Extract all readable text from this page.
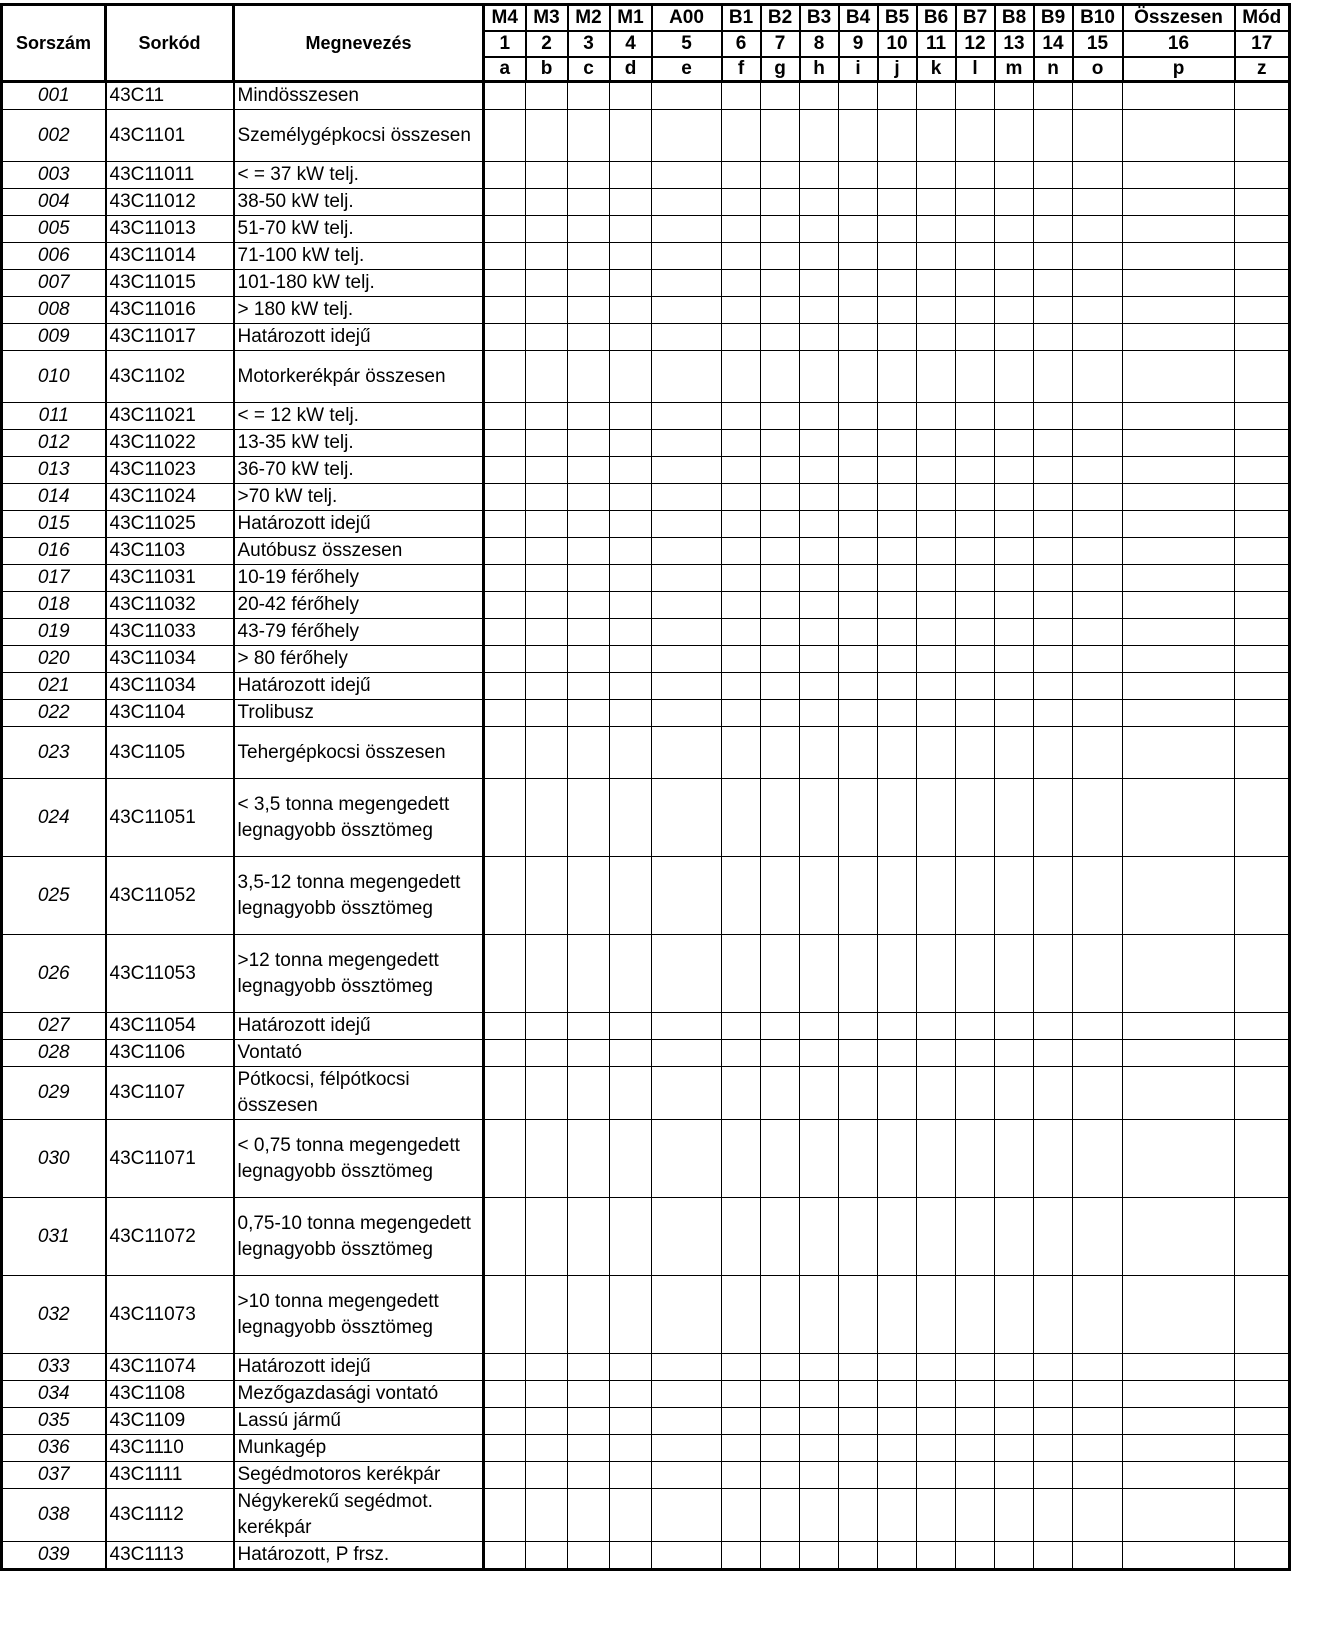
Sorszám	Sorkód	Megnevezés	M4	M3	M2	M1	A00	B1	B2	B3	B4	B5	B6	B7	B8	B9	B10	Összesen	Mód
			1	2	3	4	5	6	7	8	9	10	11	12	13	14	15	16	17
			a	b	c	d	e	f	g	h	i	j	k	l	m	n	o	p	z
001	43C11	Mindösszesen																	
002	43C1101	Személygépkocsi összesen																	
003	43C11011	< = 37 kW telj.																	
004	43C11012	38-50 kW telj.																	
005	43C11013	51-70 kW telj.																	
006	43C11014	71-100 kW telj.																	
007	43C11015	101-180 kW telj.																	
008	43C11016	> 180 kW telj.																	
009	43C11017	Határozott idejű																	
010	43C1102	Motorkerékpár összesen																	
011	43C11021	< = 12 kW telj.																	
012	43C11022	13-35 kW telj.																	
013	43C11023	36-70 kW telj.																	
014	43C11024	>70 kW telj.																	
015	43C11025	Határozott idejű																	
016	43C1103	Autóbusz összesen																	
017	43C11031	10-19 férőhely																	
018	43C11032	20-42 férőhely																	
019	43C11033	43-79 férőhely																	
020	43C11034	> 80 férőhely																	
021	43C11034	Határozott idejű																	
022	43C1104	Trolibusz																	
023	43C1105	Tehergépkocsi összesen																	
024	43C11051	< 3,5 tonna megengedett legnagyobb össztömeg																	
025	43C11052	3,5-12 tonna megengedett legnagyobb össztömeg																	
026	43C11053	>12 tonna megengedett legnagyobb össztömeg																	
027	43C11054	Határozott idejű																	
028	43C1106	Vontató																	
029	43C1107	Pótkocsi, félpótkocsi összesen																	
030	43C11071	< 0,75 tonna megengedett legnagyobb össztömeg																	
031	43C11072	0,75-10 tonna megengedett legnagyobb össztömeg																	
032	43C11073	>10 tonna megengedett legnagyobb össztömeg																	
033	43C11074	Határozott idejű																	
034	43C1108	Mezőgazdasági vontató																	
035	43C1109	Lassú jármű																	
036	43C1110	Munkagép																	
037	43C1111	Segédmotoros kerékpár																	
038	43C1112	Négykerekű segédmot. kerékpár																	
039	43C1113	Határozott, P frsz.																	
